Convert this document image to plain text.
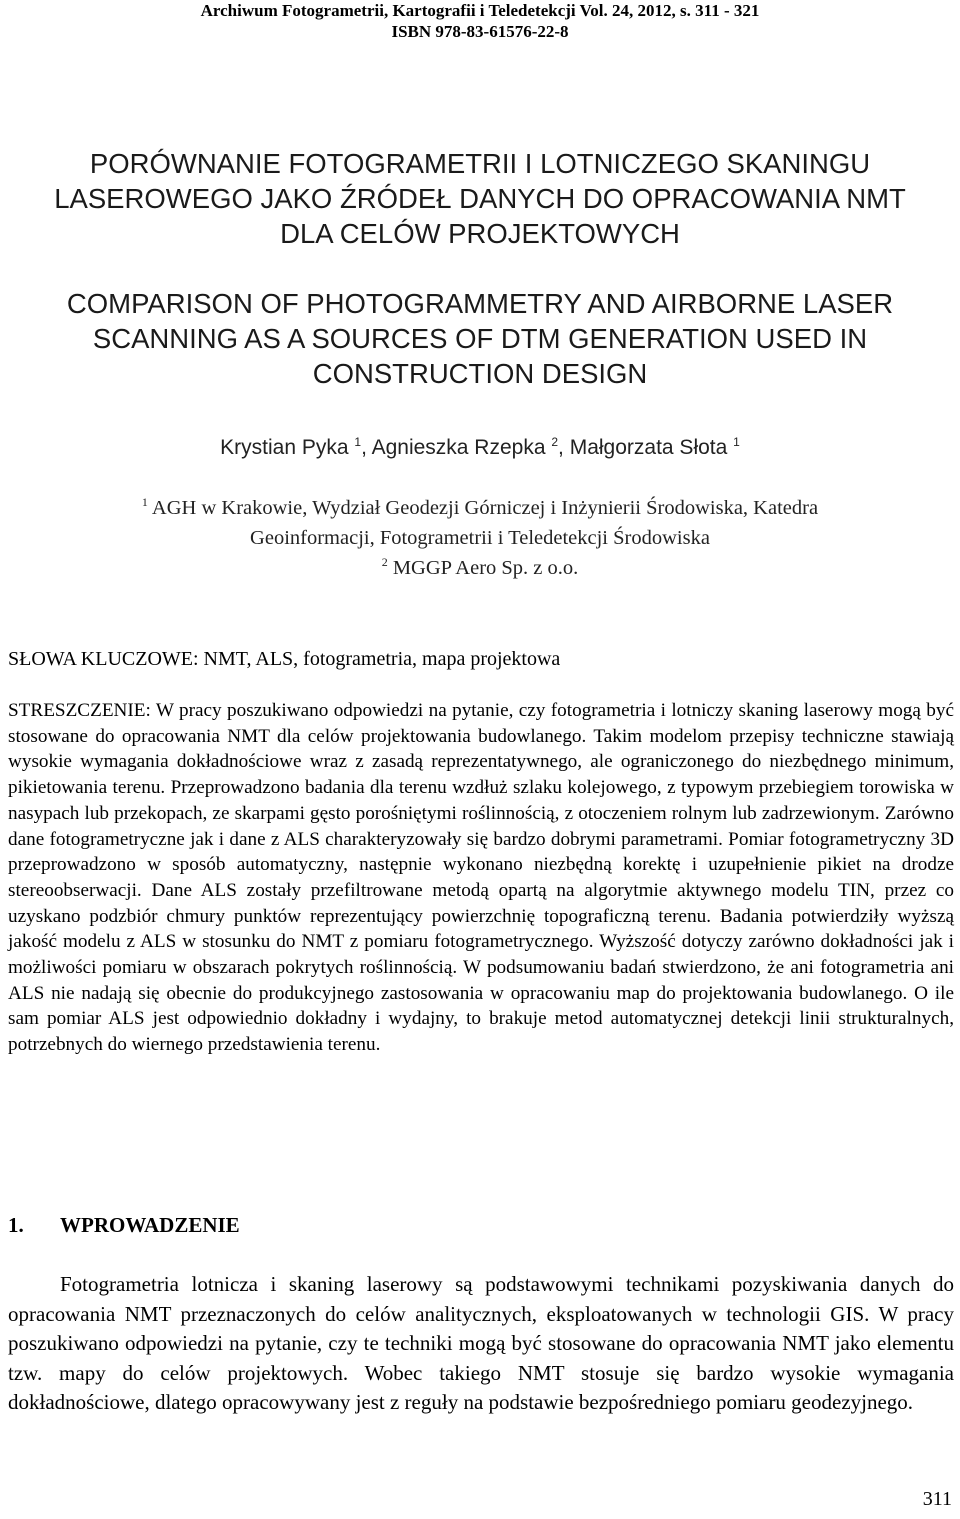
Archiwum Fotogrametrii, Kartografii i Teledetekcji Vol. 24, 2012, s. 311 - 321
ISBN 978-83-61576-22-8
PORÓWNANIE FOTOGRAMETRII I LOTNICZEGO SKANINGU
LASEROWEGO JAKO ŹRÓDEŁ DANYCH DO OPRACOWANIA NMT
DLA CELÓW PROJEKTOWYCH
COMPARISON OF PHOTOGRAMMETRY AND AIRBORNE LASER
SCANNING AS A SOURCES OF DTM GENERATION USED IN
CONSTRUCTION DESIGN
Krystian Pyka $^1$, Agnieszka Rzepka $^2$, Małgorzata Słota $^1$
$^1$ AGH w Krakowie, Wydział Geodezji Górniczej i Inżynierii Środowiska, Katedra
Geoinformacji, Fotogrametrii i Teledetekcji Środowiska
$^2$ MGGP Aero Sp. z o.o.
SŁOWA KLUCZOWE: NMT, ALS, fotogrametria, mapa projektowa
STRESZCZENIE: W pracy poszukiwano odpowiedzi na pytanie, czy fotogrametria i lotniczy skaning laserowy mogą być stosowane do opracowania NMT dla celów projektowania budowlanego. Takim modelom przepisy techniczne stawiają wysokie wymagania dokładnościowe wraz z zasadą reprezentatywnego, ale ograniczonego do niezbędnego minimum, pikietowania terenu. Przeprowadzono badania dla terenu wzdłuż szlaku kolejowego, z typowym przebiegiem torowiska w nasypach lub przekopach, ze skarpami gęsto porośniętymi roślinnością, z otoczeniem rolnym lub zadrzewionym. Zarówno dane fotogrametryczne jak i dane z ALS charakteryzowały się bardzo dobrymi parametrami. Pomiar fotogrametryczny 3D przeprowadzono w sposób automatyczny, następnie wykonano niezbędną korektę i uzupełnienie pikiet na drodze stereoobserwacji. Dane ALS zostały przefiltrowane metodą opartą na algorytmie aktywnego modelu TIN, przez co uzyskano podzbiór chmury punktów reprezentujący powierzchnię topograficzną terenu. Badania potwierdziły wyższą jakość modelu z ALS w stosunku do NMT z pomiaru fotogrametrycznego. Wyższość dotyczy zarówno dokładności jak i możliwości pomiaru w obszarach pokrytych roślinnością. W podsumowaniu badań stwierdzono, że ani fotogrametria ani ALS nie nadają się obecnie do produkcyjnego zastosowania w opracowaniu map do projektowania budowlanego. O ile sam pomiar ALS jest odpowiednio dokładny i wydajny, to brakuje metod automatycznej detekcji linii strukturalnych, potrzebnych do wiernego przedstawienia terenu.
1. WPROWADZENIE
Fotogrametria lotnicza i skaning laserowy są podstawowymi technikami pozyskiwania danych do opracowania NMT przeznaczonych do celów analitycznych, eksploatowanych w technologii GIS. W pracy poszukiwano odpowiedzi na pytanie, czy te techniki mogą być stosowane do opracowania NMT jako elementu tzw. mapy do celów projektowych. Wobec takiego NMT stosuje się bardzo wysokie wymagania dokładnościowe, dlatego opracowywany jest z reguły na podstawie bezpośredniego pomiaru geodezyjnego.
311
